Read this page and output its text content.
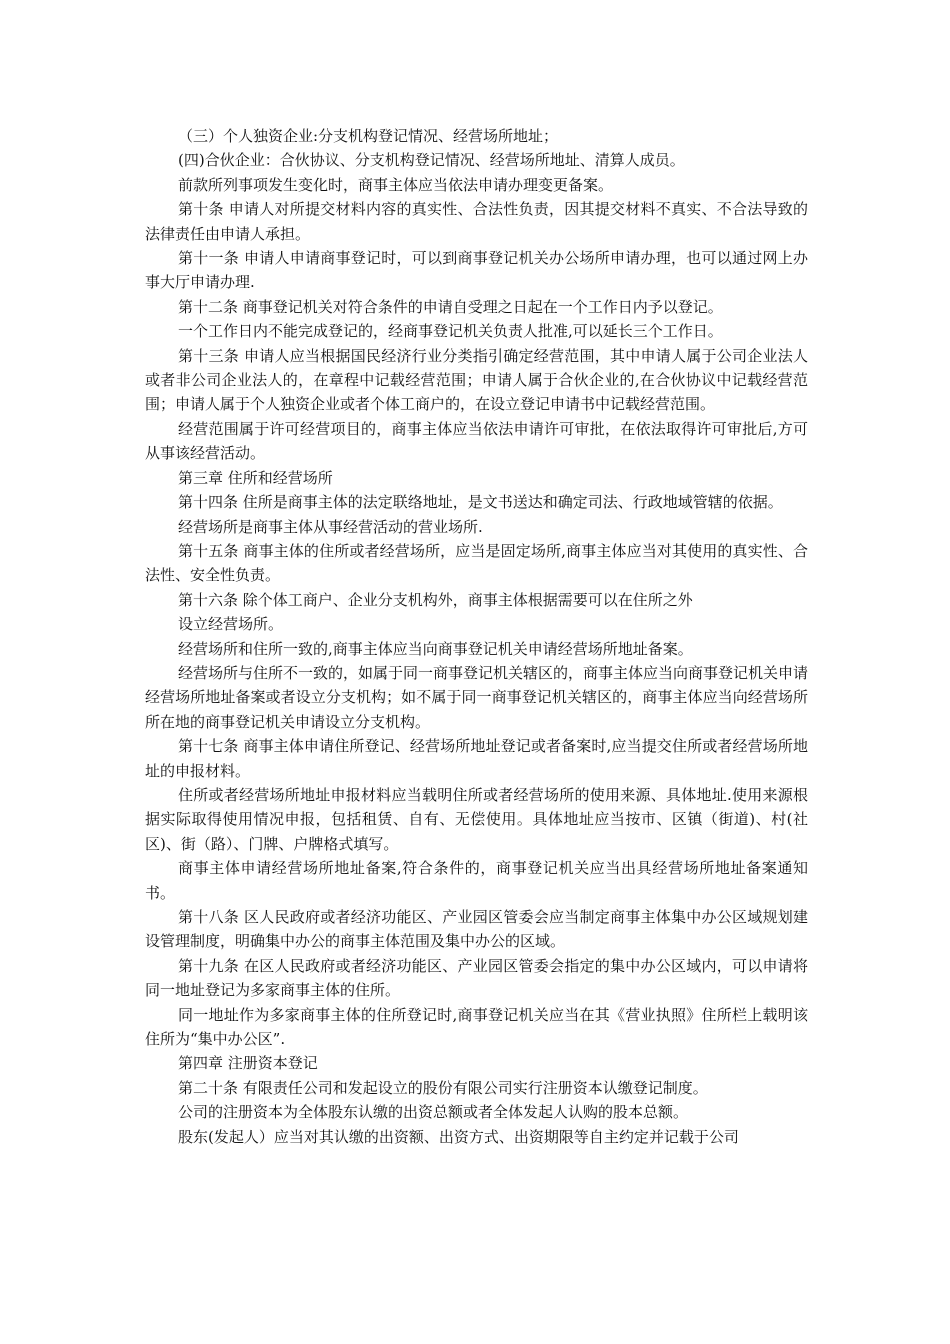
（三）个人独资企业:分支机构登记情况、经营场所地址；

(四)合伙企业：合伙协议、分支机构登记情况、经营场所地址、清算人成员。

前款所列事项发生变化时，商事主体应当依法申请办理变更备案。

第十条 申请人对所提交材料内容的真实性、合法性负责，因其提交材料不真实、不合法导致的法律责任由申请人承担。

第十一条 申请人申请商事登记时，可以到商事登记机关办公场所申请办理，也可以通过网上办事大厅申请办理.

第十二条 商事登记机关对符合条件的申请自受理之日起在一个工作日内予以登记。

一个工作日内不能完成登记的，经商事登记机关负责人批准,可以延长三个工作日。

第十三条 申请人应当根据国民经济行业分类指引确定经营范围，其中申请人属于公司企业法人或者非公司企业法人的，在章程中记载经营范围；申请人属于合伙企业的,在合伙协议中记载经营范围；申请人属于个人独资企业或者个体工商户的，在设立登记申请书中记载经营范围。

经营范围属于许可经营项目的，商事主体应当依法申请许可审批，在依法取得许可审批后,方可从事该经营活动。

第三章 住所和经营场所

第十四条 住所是商事主体的法定联络地址，是文书送达和确定司法、行政地域管辖的依据。

经营场所是商事主体从事经营活动的营业场所.

第十五条 商事主体的住所或者经营场所，应当是固定场所,商事主体应当对其使用的真实性、合法性、安全性负责。

第十六条 除个体工商户、企业分支机构外，商事主体根据需要可以在住所之外

设立经营场所。

经营场所和住所一致的,商事主体应当向商事登记机关申请经营场所地址备案。

经营场所与住所不一致的，如属于同一商事登记机关辖区的，商事主体应当向商事登记机关申请经营场所地址备案或者设立分支机构；如不属于同一商事登记机关辖区的，商事主体应当向经营场所所在地的商事登记机关申请设立分支机构。

第十七条 商事主体申请住所登记、经营场所地址登记或者备案时,应当提交住所或者经营场所地址的申报材料。

住所或者经营场所地址申报材料应当载明住所或者经营场所的使用来源、具体地址.使用来源根据实际取得使用情况申报，包括租赁、自有、无偿使用。具体地址应当按市、区镇（街道)、村(社区)、街（路）、门牌、户牌格式填写。

商事主体申请经营场所地址备案,符合条件的，商事登记机关应当出具经营场所地址备案通知书。

第十八条 区人民政府或者经济功能区、产业园区管委会应当制定商事主体集中办公区域规划建设管理制度，明确集中办公的商事主体范围及集中办公的区域。

第十九条 在区人民政府或者经济功能区、产业园区管委会指定的集中办公区域内，可以申请将同一地址登记为多家商事主体的住所。

同一地址作为多家商事主体的住所登记时,商事登记机关应当在其《营业执照》住所栏上载明该住所为“集中办公区”.

第四章 注册资本登记

第二十条 有限责任公司和发起设立的股份有限公司实行注册资本认缴登记制度。

公司的注册资本为全体股东认缴的出资总额或者全体发起人认购的股本总额。

股东(发起人）应当对其认缴的出资额、出资方式、出资期限等自主约定并记载于公司
